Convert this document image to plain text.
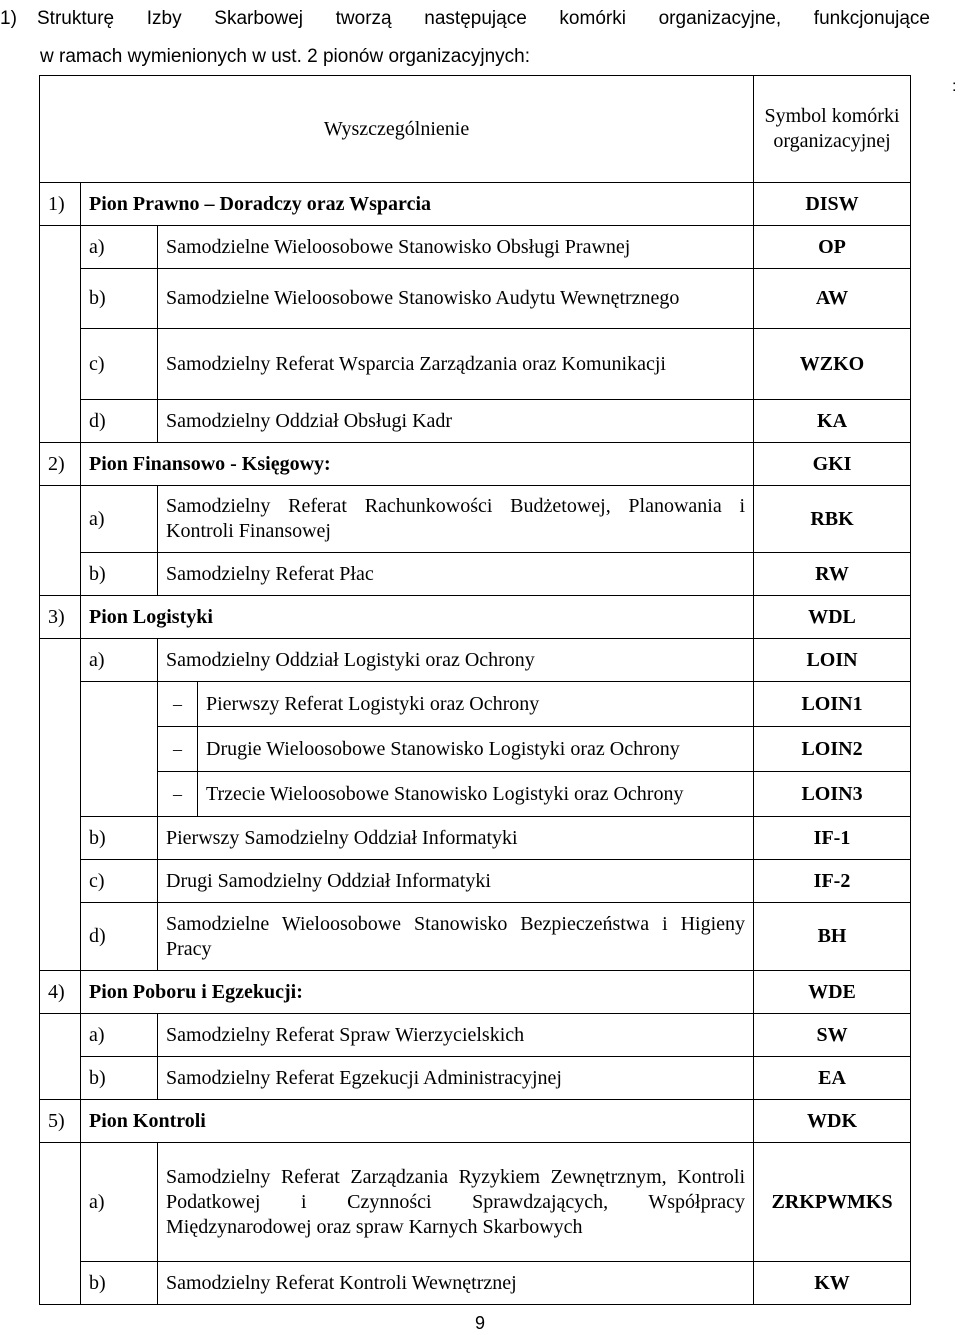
1)	Strukturę Izby Skarbowej tworzą następujące komórki organizacyjne, funkcjonujące
w ramach wymienionych w ust. 2 pionów organizacyjnych:
:
Wyszczególnienie				Symbol komórki organizacyjnej
1)	Pion Prawno – Doradczy oraz Wsparcia			DISW
	a)	Samodzielne Wieloosobowe Stanowisko Obsługi Prawnej		OP
	b)	Samodzielne Wieloosobowe Stanowisko Audytu Wewnętrznego		AW
	c)	Samodzielny Referat Wsparcia Zarządzania oraz Komunikacji		WZKO
	d)	Samodzielny Oddział Obsługi Kadr		KA
2)	Pion Finansowo - Księgowy:			GKI
	a)	Samodzielny Referat Rachunkowości Budżetowej, Planowania i Kontroli Finansowej		RBK
	b)	Samodzielny Referat Płac		RW
3)	Pion Logistyki			WDL
	a)	Samodzielny Oddział Logistyki oraz Ochrony		LOIN
		–	Pierwszy Referat Logistyki oraz Ochrony	LOIN1
		–	Drugie Wieloosobowe Stanowisko Logistyki oraz Ochrony	LOIN2
		–	Trzecie Wieloosobowe Stanowisko Logistyki oraz Ochrony	LOIN3
	b)	Pierwszy Samodzielny Oddział Informatyki		IF-1
	c)	Drugi Samodzielny Oddział Informatyki		IF-2
	d)	Samodzielne Wieloosobowe Stanowisko Bezpieczeństwa i Higieny Pracy		BH
4)	Pion Poboru i Egzekucji:			WDE
	a)	Samodzielny Referat Spraw Wierzycielskich		SW
	b)	Samodzielny Referat Egzekucji Administracyjnej		EA
5)	Pion Kontroli			WDK
	a)	Samodzielny Referat Zarządzania Ryzykiem Zewnętrznym, Kontroli Podatkowej i Czynności Sprawdzających, Współpracy Międzynarodowej oraz spraw Karnych Skarbowych		ZRKPWMKS
	b)	Samodzielny Referat Kontroli Wewnętrznej		KW
9
